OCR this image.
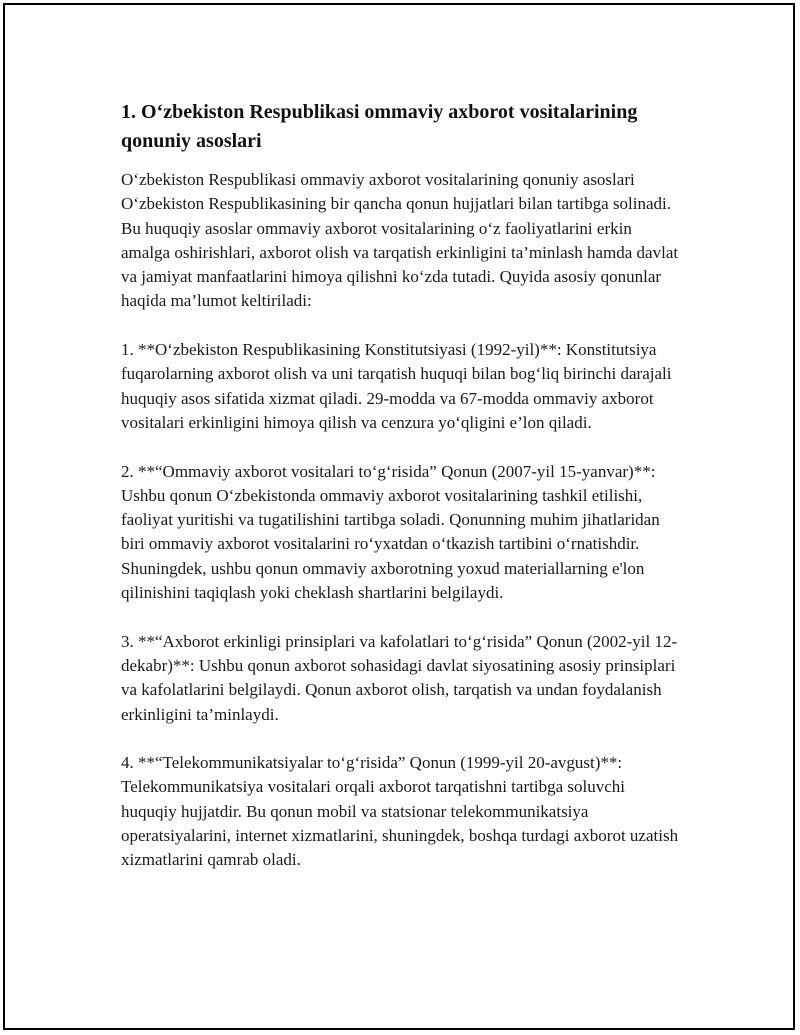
1. O‘zbekiston Respublikasi ommaviy axborot vositalarining qonuniy asoslari

O‘zbekiston Respublikasi ommaviy axborot vositalarining qonuniy asoslari O‘zbekiston Respublikasining bir qancha qonun hujjatlari bilan tartibga solinadi. Bu huquqiy asoslar ommaviy axborot vositalarining o‘z faoliyatlarini erkin amalga oshirishlari, axborot olish va tarqatish erkinligini ta’minlash hamda davlat va jamiyat manfaatlarini himoya qilishni ko‘zda tutadi. Quyida asosiy qonunlar haqida ma’lumot keltiriladi:

1. **O‘zbekiston Respublikasining Konstitutsiyasi (1992-yil)**: Konstitutsiya fuqarolarning axborot olish va uni tarqatish huquqi bilan bog‘liq birinchi darajali huquqiy asos sifatida xizmat qiladi. 29-modda va 67-modda ommaviy axborot vositalari erkinligini himoya qilish va cenzura yo‘qligini e’lon qiladi.

2. **“Ommaviy axborot vositalari to‘g‘risida” Qonun (2007-yil 15-yanvar)**: Ushbu qonun O‘zbekistonda ommaviy axborot vositalarining tashkil etilishi, faoliyat yuritishi va tugatilishini tartibga soladi. Qonunning muhim jihatlaridan biri ommaviy axborot vositalarini ro‘yxatdan o‘tkazish tartibini o‘rnatishdir. Shuningdek, ushbu qonun ommaviy axborotning yoxud materiallarning e'lon qilinishini taqiqlash yoki cheklash shartlarini belgilaydi.

3. **“Axborot erkinligi prinsiplari va kafolatlari to‘g‘risida” Qonun (2002-yil 12-dekabr)**: Ushbu qonun axborot sohasidagi davlat siyosatining asosiy prinsiplari va kafolatlarini belgilaydi. Qonun axborot olish, tarqatish va undan foydalanish erkinligini ta’minlaydi.

4. **“Telekommunikatsiyalar to‘g‘risida” Qonun (1999-yil 20-avgust)**: Telekommunikatsiya vositalari orqali axborot tarqatishni tartibga soluvchi huquqiy hujjatdir. Bu qonun mobil va statsionar telekommunikatsiya operatsiyalarini, internet xizmatlarini, shuningdek, boshqa turdagi axborot uzatish xizmatlarini qamrab oladi.
